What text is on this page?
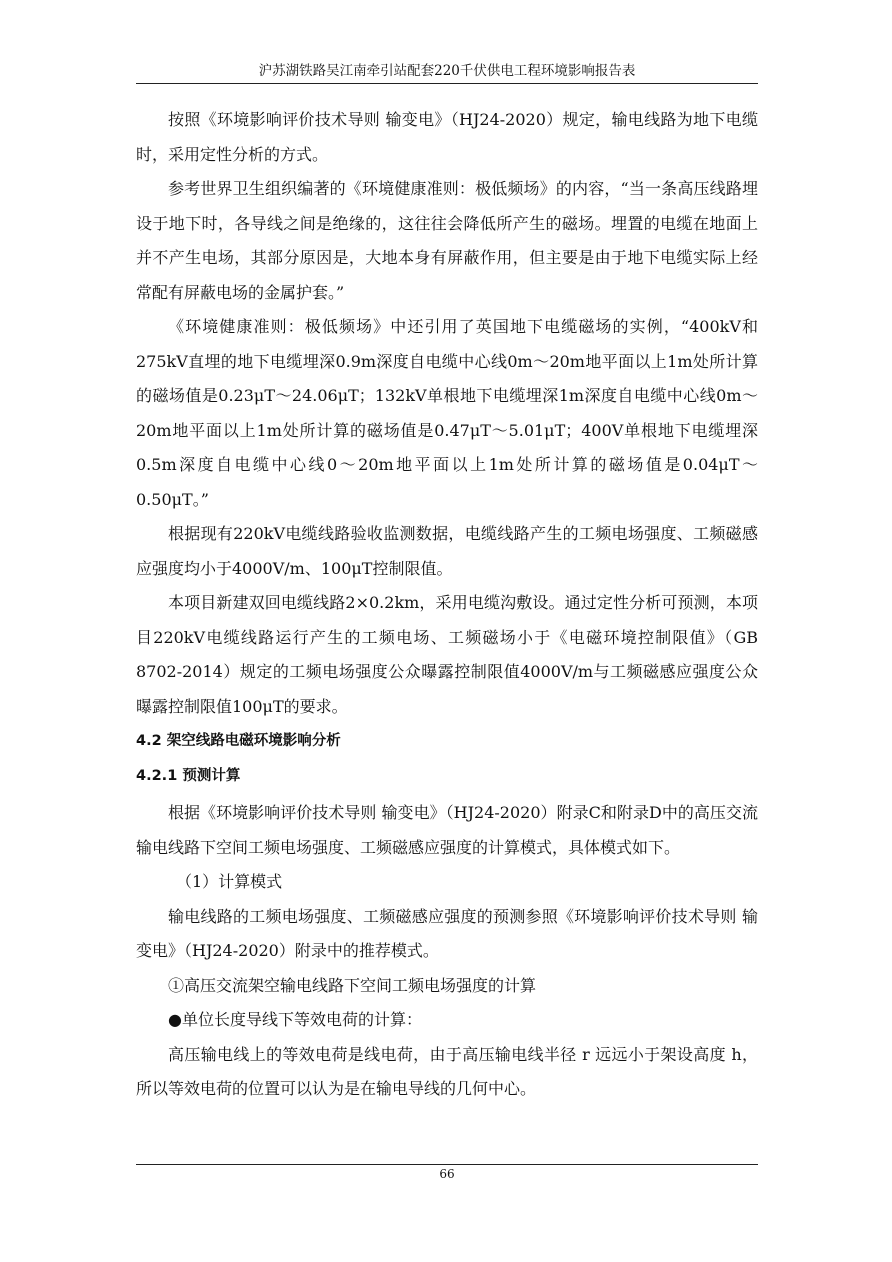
沪苏湖铁路吴江南牵引站配套220千伏供电工程环境影响报告表

按照《环境影响评价技术导则 输变电》（HJ24-2020）规定，输电线路为地下电缆时，采用定性分析的方式。

参考世界卫生组织编著的《环境健康准则：极低频场》的内容，“当一条高压线路埋设于地下时，各导线之间是绝缘的，这往往会降低所产生的磁场。埋置的电缆在地面上并不产生电场，其部分原因是，大地本身有屏蔽作用，但主要是由于地下电缆实际上经常配有屏蔽电场的金属护套。”

《环境健康准则：极低频场》中还引用了英国地下电缆磁场的实例，“400kV和275kV直埋的地下电缆埋深0.9m深度自电缆中心线0m～20m地平面以上1m处所计算的磁场值是0.23μT～24.06μT；132kV单根地下电缆埋深1m深度自电缆中心线0m～20m地平面以上1m处所计算的磁场值是0.47μT～5.01μT；400V单根地下电缆埋深0.5m深度自电缆中心线0～20m地平面以上1m处所计算的磁场值是0.04μT～0.50μT。”

根据现有220kV电缆线路验收监测数据，电缆线路产生的工频电场强度、工频磁感应强度均小于4000V/m、100μT控制限值。

本项目新建双回电缆线路2×0.2km，采用电缆沟敷设。通过定性分析可预测，本项目220kV电缆线路运行产生的工频电场、工频磁场小于《电磁环境控制限值》（GB 8702-2014）规定的工频电场强度公众曝露控制限值4000V/m与工频磁感应强度公众曝露控制限值100μT的要求。

4.2 架空线路电磁环境影响分析
4.2.1 预测计算

根据《环境影响评价技术导则 输变电》（HJ24-2020）附录C和附录D中的高压交流输电线路下空间工频电场强度、工频磁感应强度的计算模式，具体模式如下。

（1）计算模式

输电线路的工频电场强度、工频磁感应强度的预测参照《环境影响评价技术导则 输变电》（HJ24-2020）附录中的推荐模式。

①高压交流架空输电线路下空间工频电场强度的计算

●单位长度导线下等效电荷的计算：

高压输电线上的等效电荷是线电荷，由于高压输电线半径 r 远远小于架设高度 h，所以等效电荷的位置可以认为是在输电导线的几何中心。

66
